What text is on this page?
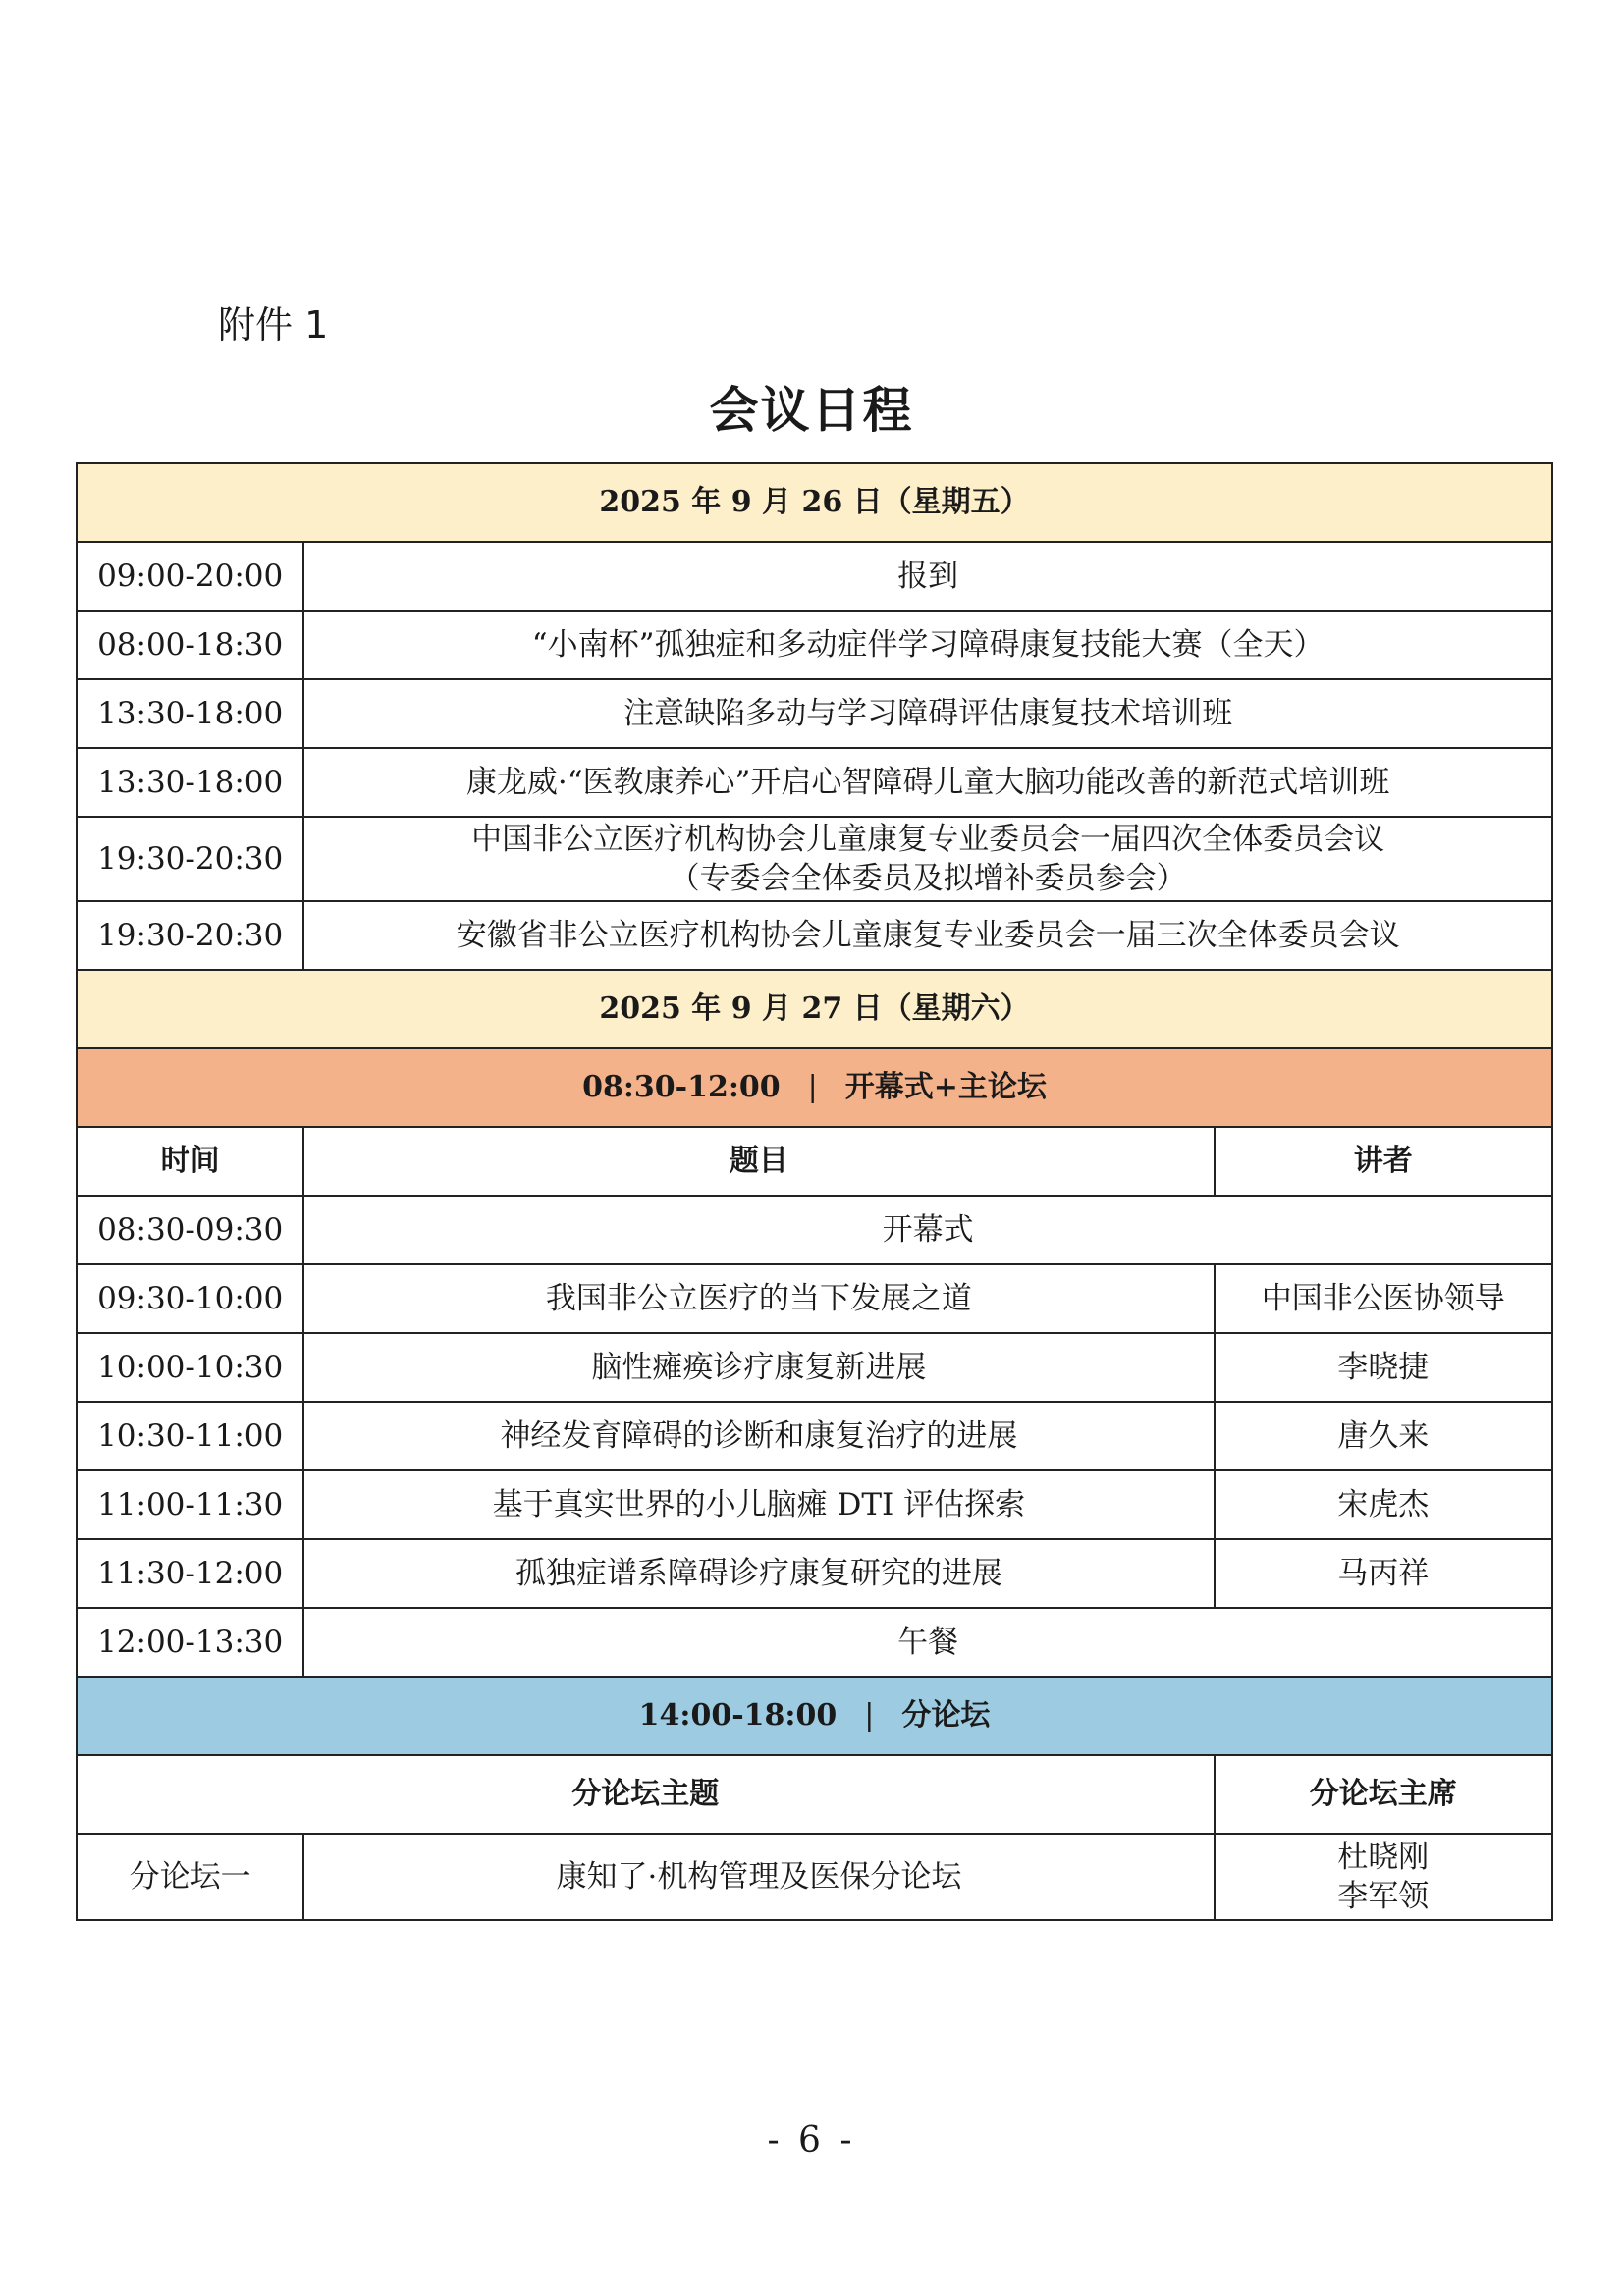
附件 1
会议日程
2025 年 9 月 26 日（星期五）		
09:00-20:00	报到	
08:00-18:30	“小南杯”孤独症和多动症伴学习障碍康复技能大赛（全天）	
13:30-18:00	注意缺陷多动与学习障碍评估康复技术培训班	
13:30-18:00	康龙威·“医教康养心”开启心智障碍儿童大脑功能改善的新范式培训班	
19:30-20:30	中国非公立医疗机构协会儿童康复专业委员会一届四次全体委员会议
（专委会全体委员及拟增补委员参会）	

19:30-20:30	安徽省非公立医疗机构协会儿童康复专业委员会一届三次全体委员会议	
2025 年 9 月 27 日（星期六）		
08:30-12:00 | 开幕式+主论坛		
时间	题目	讲者
08:30-09:30	开幕式	
09:30-10:00	我国非公立医疗的当下发展之道	中国非公医协领导
10:00-10:30	脑性瘫痪诊疗康复新进展	李晓捷
10:30-11:00	神经发育障碍的诊断和康复治疗的进展	唐久来
11:00-11:30	基于真实世界的小儿脑瘫 DTI 评估探索	宋虎杰
11:30-12:00	孤独症谱系障碍诊疗康复研究的进展	马丙祥
12:00-13:30	午餐	
14:00-18:00 | 分论坛		
分论坛主题		分论坛主席
分论坛一	康知了·机构管理及医保分论坛	杜晓刚
李军领
- 6 -
